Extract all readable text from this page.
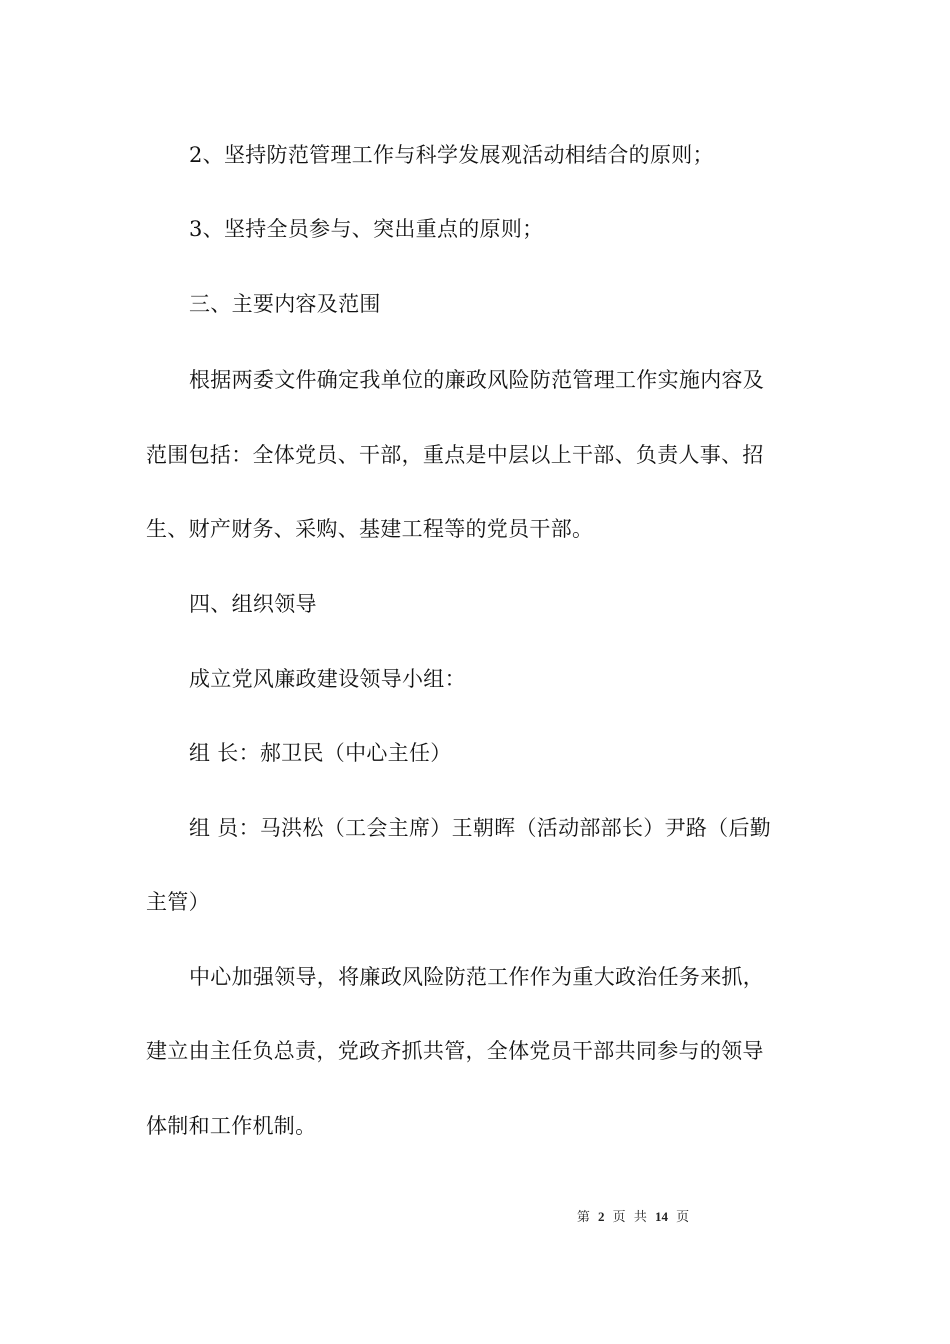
2、坚持防范管理工作与科学发展观活动相结合的原则；
3、坚持全员参与、突出重点的原则；
三、主要内容及范围
根据两委文件确定我单位的廉政风险防范管理工作实施内容及
范围包括：全体党员、干部，重点是中层以上干部、负责人事、招
生、财产财务、采购、基建工程等的党员干部。
四、组织领导
成立党风廉政建设领导小组：
组 长：郝卫民（中心主任）
组 员：马洪松（工会主席）王朝晖（活动部部长）尹路（后勤
主管）
中心加强领导，将廉政风险防范工作作为重大政治任务来抓，
建立由主任负总责，党政齐抓共管，全体党员干部共同参与的领导
体制和工作机制。
第 2 页 共 14 页
